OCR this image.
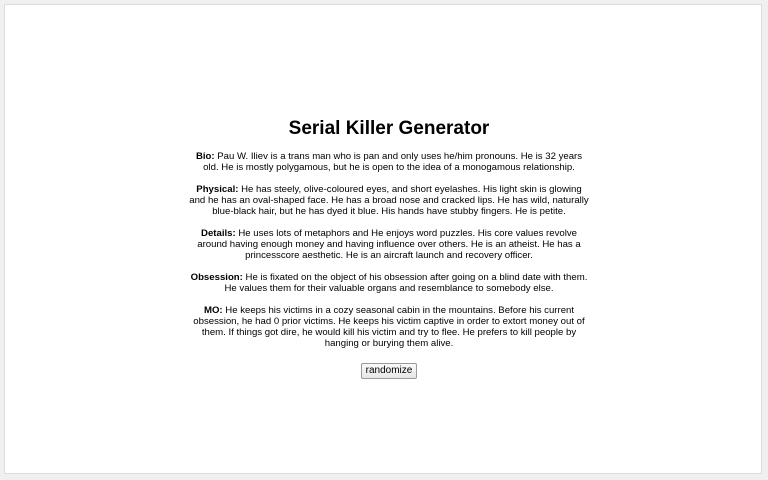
Serial Killer Generator

Bio: Pau W. Iliev is a trans man who is pan and only uses he/him pronouns. He is 32 years old. He is mostly polygamous, but he is open to the idea of a monogamous relationship.

Physical: He has steely, olive-coloured eyes, and short eyelashes. His light skin is glowing and he has an oval-shaped face. He has a broad nose and cracked lips. He has wild, naturally blue-black hair, but he has dyed it blue. His hands have stubby fingers. He is petite.

Details: He uses lots of metaphors and He enjoys word puzzles. His core values revolve around having enough money and having influence over others. He is an atheist. He has a princesscore aesthetic. He is an aircraft launch and recovery officer.

Obsession: He is fixated on the object of his obsession after going on a blind date with them. He values them for their valuable organs and resemblance to somebody else.

MO: He keeps his victims in a cozy seasonal cabin in the mountains. Before his current obsession, he had 0 prior victims. He keeps his victim captive in order to extort money out of them. If things got dire, he would kill his victim and try to flee. He prefers to kill people by hanging or burying them alive.

randomize
